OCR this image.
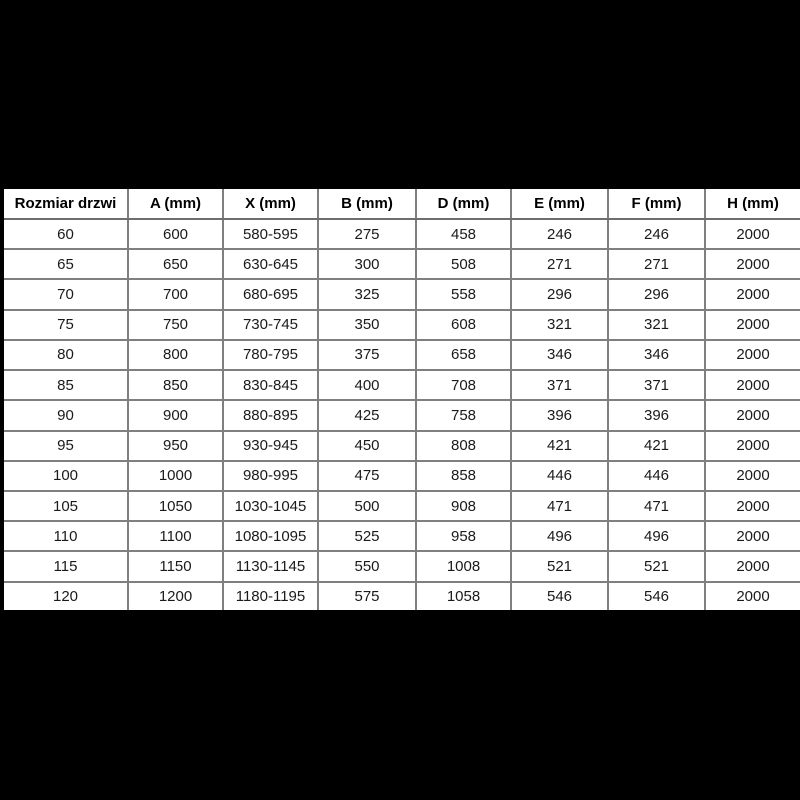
Rozmiar drzwi	A (mm)	X (mm)	B (mm)	D (mm)	E (mm)	F (mm)	H (mm)
60	600	580-595	275	458	246	246	2000
65	650	630-645	300	508	271	271	2000
70	700	680-695	325	558	296	296	2000
75	750	730-745	350	608	321	321	2000
80	800	780-795	375	658	346	346	2000
85	850	830-845	400	708	371	371	2000
90	900	880-895	425	758	396	396	2000
95	950	930-945	450	808	421	421	2000
100	1000	980-995	475	858	446	446	2000
105	1050	1030-1045	500	908	471	471	2000
110	1100	1080-1095	525	958	496	496	2000
115	1150	1130-1145	550	1008	521	521	2000
120	1200	1180-1195	575	1058	546	546	2000
